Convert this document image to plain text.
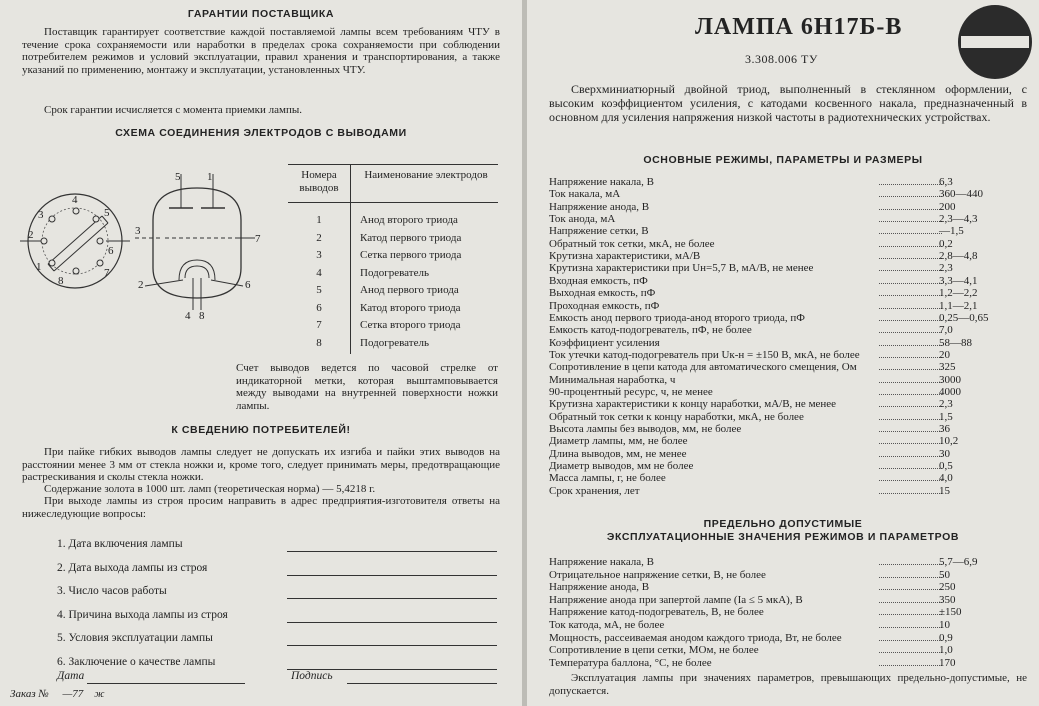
ГАРАНТИИ ПОСТАВЩИКА
Поставщик гарантирует соответствие каждой поставляемой лампы всем требованиям ЧТУ в течение срока сохраняемости или наработки в пределах срока сохраняемости при соблюдении потребителем режимов и условий эксплуатации, правил хранения и транспортирования, а также указаний по применению, монтажу и эксплуатации, установленных ЧТУ.
Срок гарантии исчисляется с момента приемки лампы.
СХЕМА СОЕДИНЕНИЯ ЭЛЕКТРОДОВ С ВЫВОДАМИ
3
4
5
2
6
1
8
7
5 1
7
2	6
4 8
3
Номера выводов
Наименование электродов
1	Анод второго триода
2	Катод первого триода
3	Сетка первого триода
4	Подогреватель
5	Анод первого триода
6	Катод второго триода
7	Сетка второго триода
8	Подогреватель
Счет выводов ведется по часовой стрелке от индикаторной метки, которая выштамповывается между выводами на внутренней поверхности ножки лампы.
К СВЕДЕНИЮ ПОТРЕБИТЕЛЕЙ!
При пайке гибких выводов лампы следует не допускать их изгиба и пайки этих выводов на расстоянии менее 3 мм от стекла ножки и, кроме того, следует принимать меры, предотвращающие растрескивания и сколы стекла ножки.
Содержание золота в 1000 шт. ламп (теоретическая норма) — 5,4218 г.
При выходе лампы из строя просим направить в адрес предприятия-изготовителя ответы на нижеследующие вопросы:
Дата	Подпись
Заказ №     —77    ж
1. Дата включения лампы
2. Дата выхода лампы из строя
3. Число часов работы
4. Причина выхода лампы из строя
5. Условия эксплуатации лампы
6. Заключение о качестве лампы
ЛАМПА 6Н17Б-В
3.308.006 ТУ
Сверхминиатюрный двойной триод, выполненный в стеклянном оформлении, с высоким коэффициентом усиления, с катодами косвенного накала, предназначенный в основном для усиления напряжения низкой частоты в радиотехнических устройствах.
ОСНОВНЫЕ РЕЖИМЫ, ПАРАМЕТРЫ И РАЗМЕРЫ
ПРЕДЕЛЬНО ДОПУСТИМЫЕ
ЭКСПЛУАТАЦИОННЫЕ ЗНАЧЕНИЯ РЕЖИМОВ И ПАРАМЕТРОВ
Эксплуатация лампы при значениях параметров, превышающих предельно-допустимые, не допускается.
Напряжение накала, В	6,3
Ток накала, мА	360—440
Напряжение анода, В	200
Ток анода, мА	2,3—4,3
Напряжение сетки, В	—1,5
Обратный ток сетки, мкА, не более	0,2
Крутизна характеристики, мА/В	2,8—4,8
Крутизна характеристики при Uн=5,7 В, мА/В, не менее	2,3
Входная емкость, пФ	3,3—4,1
Выходная емкость, пФ	1,2—2,2
Проходная емкость, пФ	1,1—2,1
Емкость анод первого триода-анод второго триода, пФ	0,25—0,65
Емкость катод-подогреватель, пФ, не более	7,0
Коэффициент усиления	58—88
Ток утечки катод-подогреватель при Uк-н = ±150 В, мкА, не более	20
Сопротивление в цепи катода для автоматического смещения, Ом	325
Минимальная наработка, ч	3000
90-процентный ресурс, ч, не менее	4000
Крутизна характеристики к концу наработки, мА/В, не менее	2,3
Обратный ток сетки к концу наработки, мкА, не более	1,5
Высота лампы без выводов, мм, не более	36
Диаметр лампы, мм, не более	10,2
Длина выводов, мм, не менее	30
Диаметр выводов, мм не более	0,5
Масса лампы, г, не более	4,0
Срок хранения, лет	15
Напряжение накала, В	5,7—6,9
Отрицательное напряжение сетки, В, не более	50
Напряжение анода, В	250
Напряжение анода при запертой лампе (Iа ≤ 5 мкА), В	350
Напряжение катод-подогреватель, В, не более	±150
Ток катода, мА, не более	10
Мощность, рассеиваемая анодом каждого триода, Вт, не более	0,9
Сопротивление в цепи сетки, МОм, не более	1,0
Температура баллона, °С, не более	170
